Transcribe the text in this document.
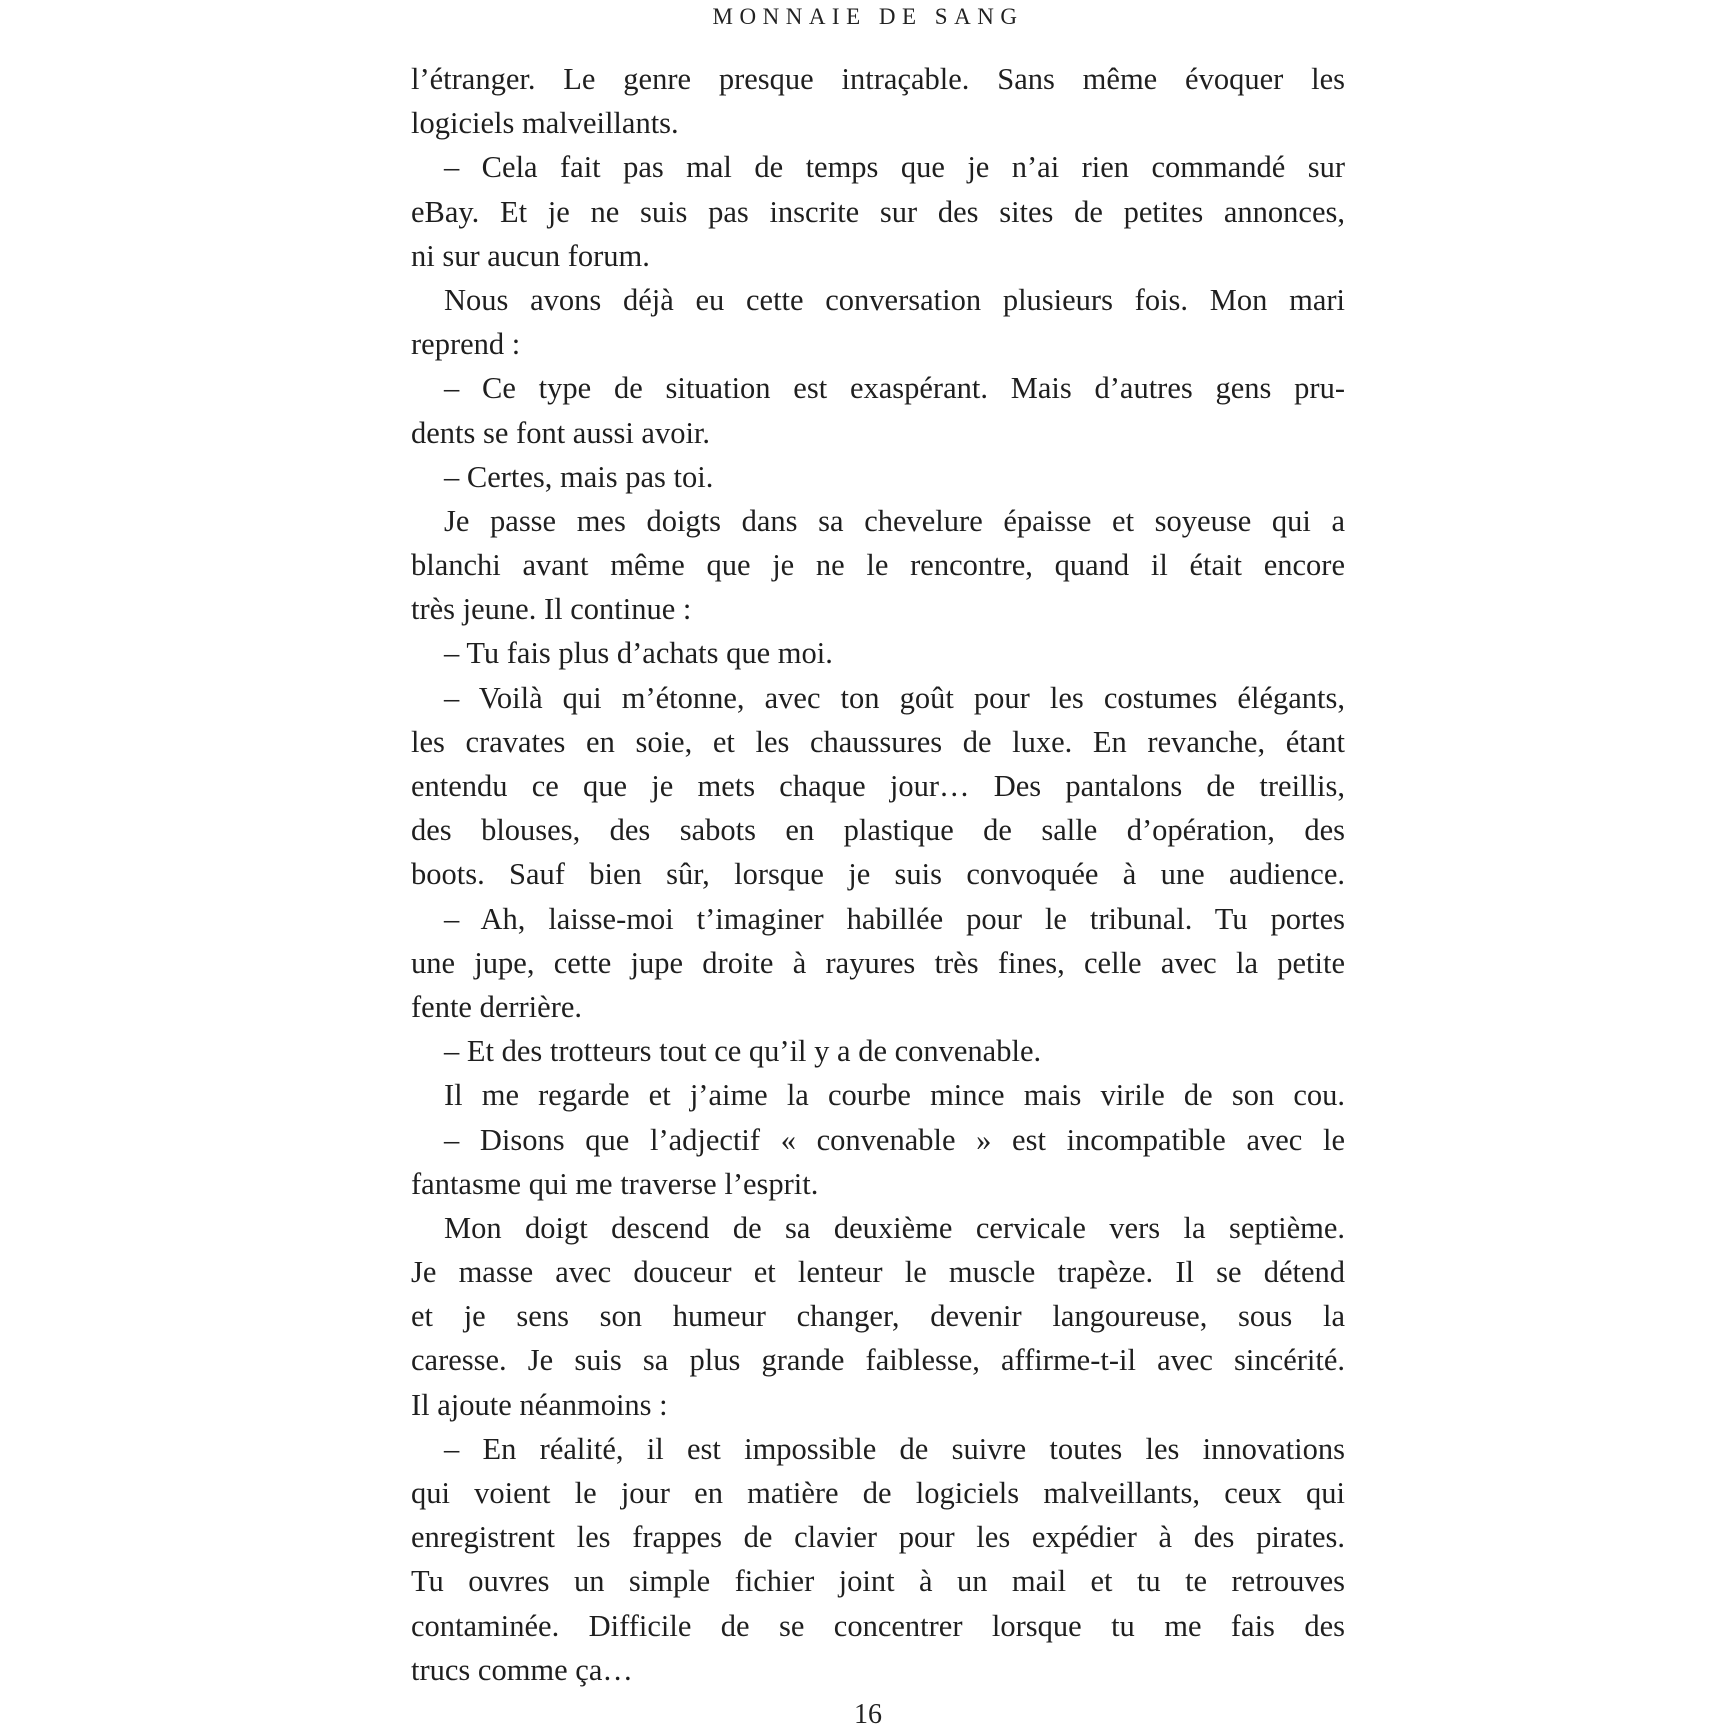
MONNAIE DE SANG
l’étranger. Le genre presque intraçable. Sans même évoquer les
logiciels malveillants.
– Cela fait pas mal de temps que je n’ai rien commandé sur
eBay. Et je ne suis pas inscrite sur des sites de petites annonces,
ni sur aucun forum.
Nous avons déjà eu cette conversation plusieurs fois. Mon mari
reprend :
– Ce type de situation est exaspérant. Mais d’autres gens pru-
dents se font aussi avoir.
– Certes, mais pas toi.
Je passe mes doigts dans sa chevelure épaisse et soyeuse qui a
blanchi avant même que je ne le rencontre, quand il était encore
très jeune. Il continue :
– Tu fais plus d’achats que moi.
– Voilà qui m’étonne, avec ton goût pour les costumes élégants,
les cravates en soie, et les chaussures de luxe. En revanche, étant
entendu ce que je mets chaque jour… Des pantalons de treillis,
des blouses, des sabots en plastique de salle d’opération, des
boots. Sauf bien sûr, lorsque je suis convoquée à une audience.
– Ah, laisse-moi t’imaginer habillée pour le tribunal. Tu portes
une jupe, cette jupe droite à rayures très fines, celle avec la petite
fente derrière.
– Et des trotteurs tout ce qu’il y a de convenable.
Il me regarde et j’aime la courbe mince mais virile de son cou.
– Disons que l’adjectif « convenable » est incompatible avec le
fantasme qui me traverse l’esprit.
Mon doigt descend de sa deuxième cervicale vers la septième.
Je masse avec douceur et lenteur le muscle trapèze. Il se détend
et je sens son humeur changer, devenir langoureuse, sous la
caresse. Je suis sa plus grande faiblesse, affirme-t-il avec sincérité.
Il ajoute néanmoins :
– En réalité, il est impossible de suivre toutes les innovations
qui voient le jour en matière de logiciels malveillants, ceux qui
enregistrent les frappes de clavier pour les expédier à des pirates.
Tu ouvres un simple fichier joint à un mail et tu te retrouves
contaminée. Difficile de se concentrer lorsque tu me fais des
trucs comme ça…
16
